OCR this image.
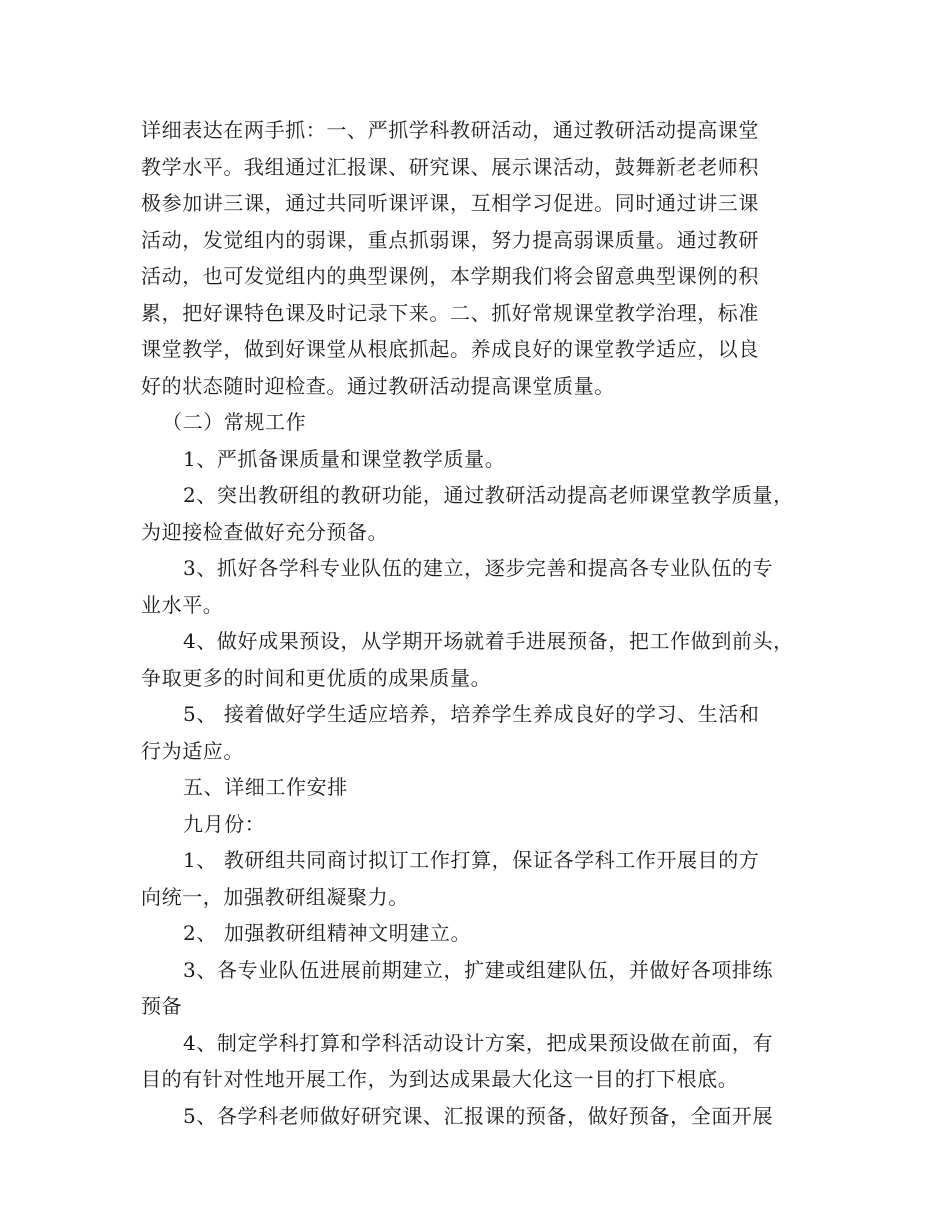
详细表达在两手抓：一、严抓学科教研活动，通过教研活动提高课堂
教学水平。我组通过汇报课、研究课、展示课活动，鼓舞新老老师积
极参加讲三课，通过共同听课评课，互相学习促进。同时通过讲三课
活动，发觉组内的弱课，重点抓弱课，努力提高弱课质量。通过教研
活动，也可发觉组内的典型课例，本学期我们将会留意典型课例的积
累，把好课特色课及时记录下来。二、抓好常规课堂教学治理，标准
课堂教学，做到好课堂从根底抓起。养成良好的课堂教学适应，以良
好的状态随时迎检查。通过教研活动提高课堂质量。
（二）常规工作
1、严抓备课质量和课堂教学质量。
2、突出教研组的教研功能，通过教研活动提高老师课堂教学质量，
为迎接检查做好充分预备。
3、抓好各学科专业队伍的建立，逐步完善和提高各专业队伍的专
业水平。
4、做好成果预设，从学期开场就着手进展预备，把工作做到前头，
争取更多的时间和更优质的成果质量。
5、 接着做好学生适应培养，培养学生养成良好的学习、生活和
行为适应。
五、详细工作安排
九月份：
1、 教研组共同商讨拟订工作打算，保证各学科工作开展目的方
向统一，加强教研组凝聚力。
2、 加强教研组精神文明建立。
3、各专业队伍进展前期建立，扩建或组建队伍，并做好各项排练
预备
4、制定学科打算和学科活动设计方案，把成果预设做在前面，有
目的有针对性地开展工作，为到达成果最大化这一目的打下根底。
5、各学科老师做好研究课、汇报课的预备，做好预备，全面开展
